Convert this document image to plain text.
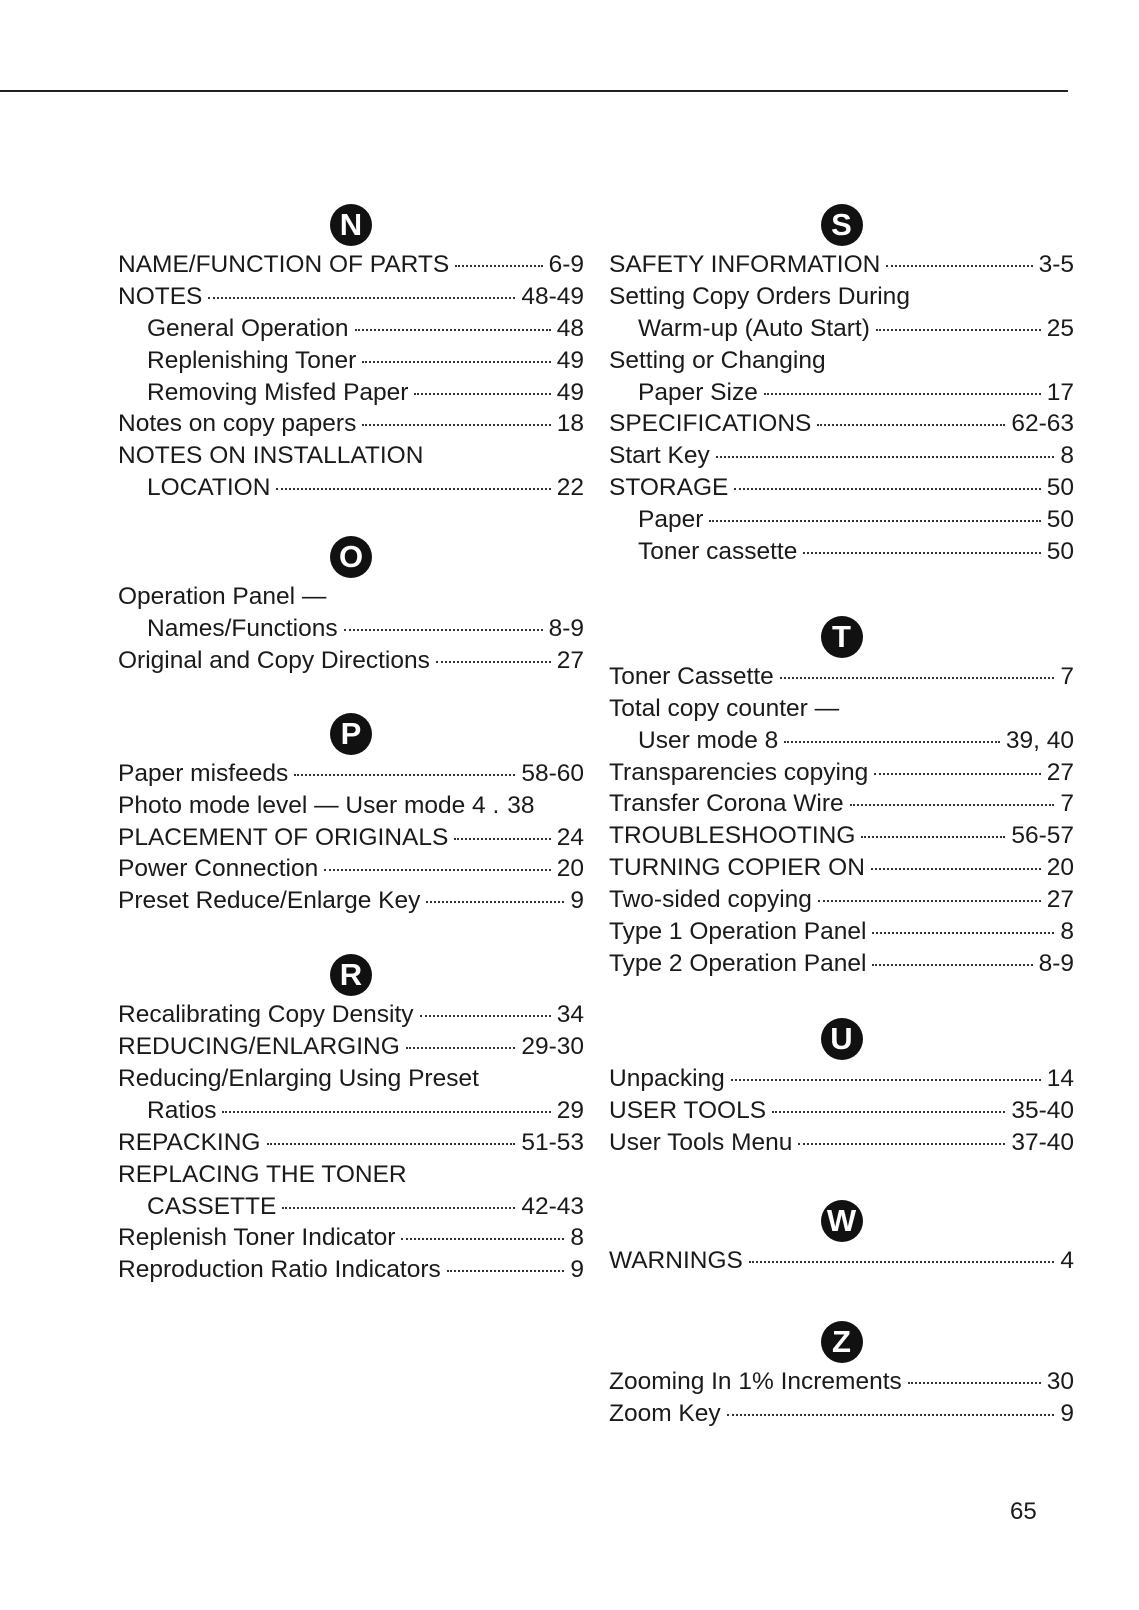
N
NAME/FUNCTION OF PARTS	6-9
NOTES	48-49
General Operation	48
Replenishing Toner	49
Removing Misfed Paper	49
Notes on copy papers	18
NOTES ON INSTALLATION
LOCATION	22
O
Operation Panel —
Names/Functions	8-9
Original and Copy Directions	27
P
Paper misfeeds	58-60
Photo mode level — User mode 4 . 38
PLACEMENT OF ORIGINALS	24
Power Connection	20
Preset Reduce/Enlarge Key	9
R
Recalibrating Copy Density	34
REDUCING/ENLARGING	29-30
Reducing/Enlarging Using Preset
Ratios	29
REPACKING	51-53
REPLACING THE TONER
CASSETTE	42-43
Replenish Toner Indicator	8
Reproduction Ratio Indicators	9
S
SAFETY INFORMATION	3-5
Setting Copy Orders During
Warm-up (Auto Start)	25
Setting or Changing
Paper Size	17
SPECIFICATIONS	62-63
Start Key	8
STORAGE	50
Paper	50
Toner cassette	50
T
Toner Cassette	7
Total copy counter —
User mode 8	39, 40
Transparencies copying	27
Transfer Corona Wire	7
TROUBLESHOOTING	56-57
TURNING COPIER ON	20
Two-sided copying	27
Type 1 Operation Panel	8
Type 2 Operation Panel	8-9
U
Unpacking	14
USER TOOLS	35-40
User Tools Menu	37-40
W
WARNINGS	4
Z
Zooming In 1% Increments	30
Zoom Key	9
65
